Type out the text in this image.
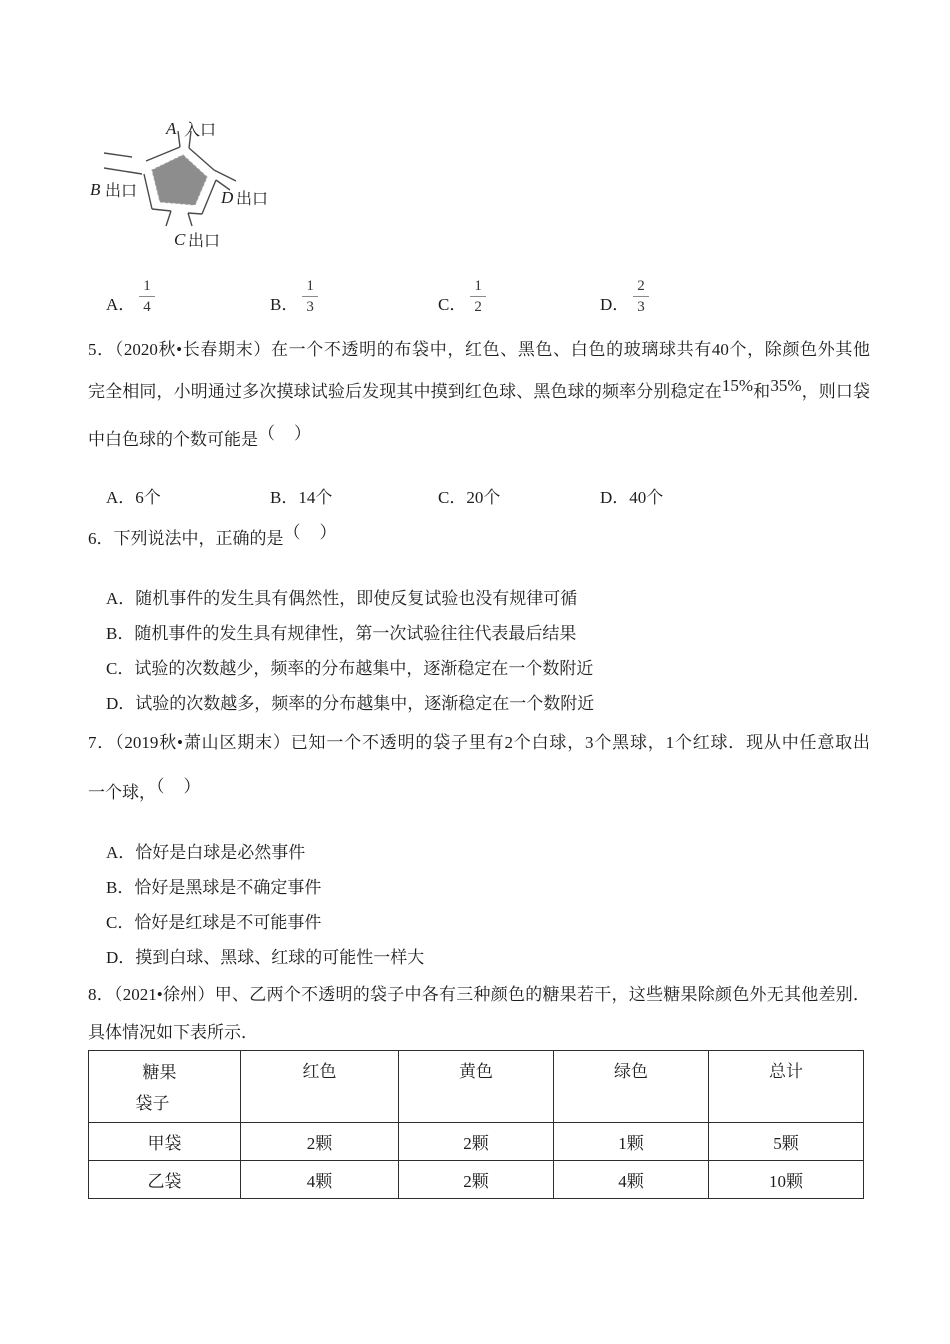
A 入口
B 出口
C 出口
D 出口
A． $\frac{1}{4}$	B． $\frac{1}{3}$	C． $\frac{1}{2}$	D． $\frac{2}{3}$
5．（2020秋•长春期末）在一个不透明的布袋中，红色、黑色、白色的玻璃球共有40个，除颜色外其他
完全相同，小明通过多次摸球试验后发现其中摸到红色球、黑色球的频率分别稳定在15%和35%，则口袋
中白色球的个数可能是（　）
A．6个	B．14个	C．20个	D．40个
6．下列说法中，正确的是（　）
A．随机事件的发生具有偶然性，即使反复试验也没有规律可循
B．随机事件的发生具有规律性，第一次试验往往代表最后结果
C．试验的次数越少，频率的分布越集中，逐渐稳定在一个数附近
D．试验的次数越多，频率的分布越集中，逐渐稳定在一个数附近
7．（2019秋•萧山区期末）已知一个不透明的袋子里有2个白球，3个黑球，1个红球．现从中任意取出
一个球，（　）
A．恰好是白球是必然事件
B．恰好是黑球是不确定事件
C．恰好是红球是不可能事件
D．摸到白球、黑球、红球的可能性一样大
8．（2021•徐州）甲、乙两个不透明的袋子中各有三种颜色的糖果若干，这些糖果除颜色外无其他差别．
具体情况如下表所示．
糖果
袋子	红色	黄色	绿色	总计
甲袋	2颗	2颗	1颗	5颗
乙袋	4颗	2颗	4颗	10颗
